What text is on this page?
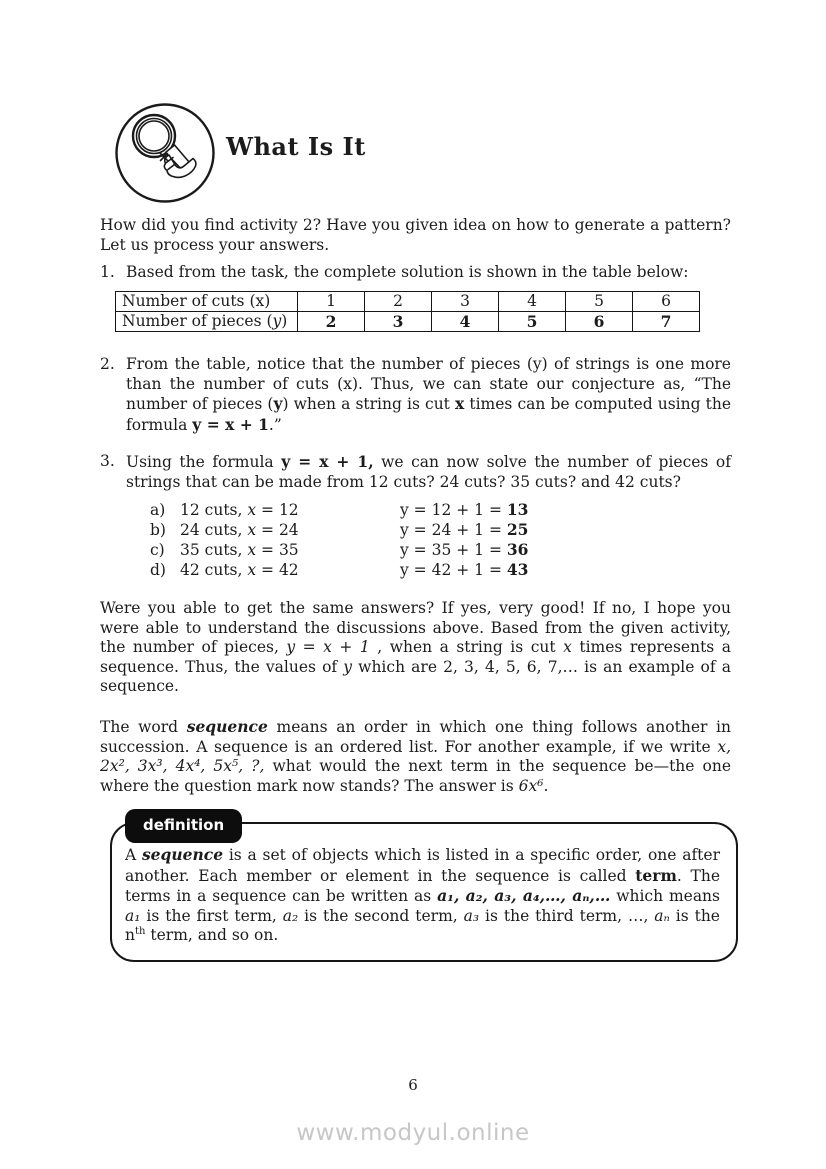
What Is It
How did you find activity 2? Have you given idea on how to generate a pattern? Let us process your answers.
1. Based from the task, the complete solution is shown in the table below:
Number of cuts (x)	1	2	3	4	5	6
Number of pieces (y)	2	3	4	5	6	7
2. From the table, notice that the number of pieces (y) of strings is one more than the number of cuts (x). Thus, we can state our conjecture as, “The number of pieces (y) when a string is cut x times can be computed using the formula y = x + 1.”
3. Using the formula y = x + 1, we can now solve the number of pieces of strings that can be made from 12 cuts? 24 cuts? 35 cuts? and 42 cuts?
a) 12 cuts, x = 12	y = 12 + 1 = 13
b) 24 cuts, x = 24	y = 24 + 1 = 25
c) 35 cuts, x = 35	y = 35 + 1 = 36
d) 42 cuts, x = 42	y = 42 + 1 = 43
Were you able to get the same answers? If yes, very good! If no, I hope you were able to understand the discussions above. Based from the given activity, the number of pieces, y = x + 1 , when a string is cut x times represents a sequence. Thus, the values of y which are 2, 3, 4, 5, 6, 7,… is an example of a sequence.
The word sequence means an order in which one thing follows another in succession. A sequence is an ordered list. For another example, if we write x, 2x², 3x³, 4x⁴, 5x⁵, ?, what would the next term in the sequence be—the one where the question mark now stands? The answer is 6x⁶.
definition
A sequence is a set of objects which is listed in a specific order, one after another. Each member or element in the sequence is called term. The terms in a sequence can be written as a₁, a₂, a₃, a₄,…, aₙ,… which means a₁ is the first term, a₂ is the second term, a₃ is the third term, …, aₙ is the $n^{th}$ term, and so on.
6
www.modyul.online
